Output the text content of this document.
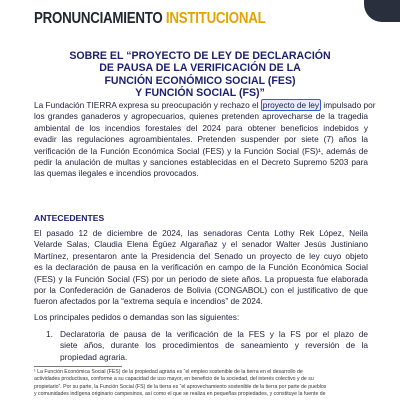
PRONUNCIAMIENTO INSTITUCIONAL
SOBRE EL “PROYECTO DE LEY DE DECLARACIÓN
DE PAUSA DE LA VERIFICACIÓN DE LA
FUNCIÓN ECONÓMICO SOCIAL (FES)
Y FUNCIÓN SOCIAL (FS)”
La Fundación TIERRA expresa su preocupación y rechazo el proyecto de ley impulsado por
los grandes ganaderos y agropecuarios, quienes pretenden aprovecharse de la tragedia
ambiental de los incendios forestales del 2024 para obtener beneficios indebidos y
evadir las regulaciones agroambientales. Pretenden suspender por siete (7) años la
verificación de la Función Económica Social (FES) y la Función Social (FS)¹, además de
pedir la anulación de multas y sanciones establecidas en el Decreto Supremo 5203 para
las quemas ilegales e incendios provocados.
ANTECEDENTES
El pasado 12 de diciembre de 2024, las senadoras Centa Lothy Rek López, Neila
Velarde Salas, Claudia Elena Égüez Algarañaz y el senador Walter Jesús Justiniano
Martínez, presentaron ante la Presidencia del Senado un proyecto de ley cuyo objeto
es la declaración de pausa en la verificación en campo de la Función Económica Social
(FES) y la Función Social (FS) por un periodo de siete años. La propuesta fue elaborada
por la Confederación de Ganaderos de Bolivia (CONGABOL) con el justificativo de que
fueron afectados por la “extrema sequía e incendios” de 2024.
Los principales pedidos o demandas son las siguientes:
1. Declaratoria de pausa de la verificación de la FES y la FS por el plazo de
siete años, durante los procedimientos de saneamiento y reversión de la
propiedad agraria.
¹ La Función Económica Social (FES) de la propiedad agraria es “el empleo sostenible de la tierra en el desarrollo de
actividades productivas, conforme a su capacidad de uso mayor, en beneficio de la sociedad, del interés colectivo y de su
propietario”. Por su parte, la Función Social (FS) de la tierra es “el aprovechamiento sostenible de la tierra por parte de pueblos
y comunidades indígena originario campesinos, así como el que se realiza en pequeñas propiedades, y constituye la fuente de
